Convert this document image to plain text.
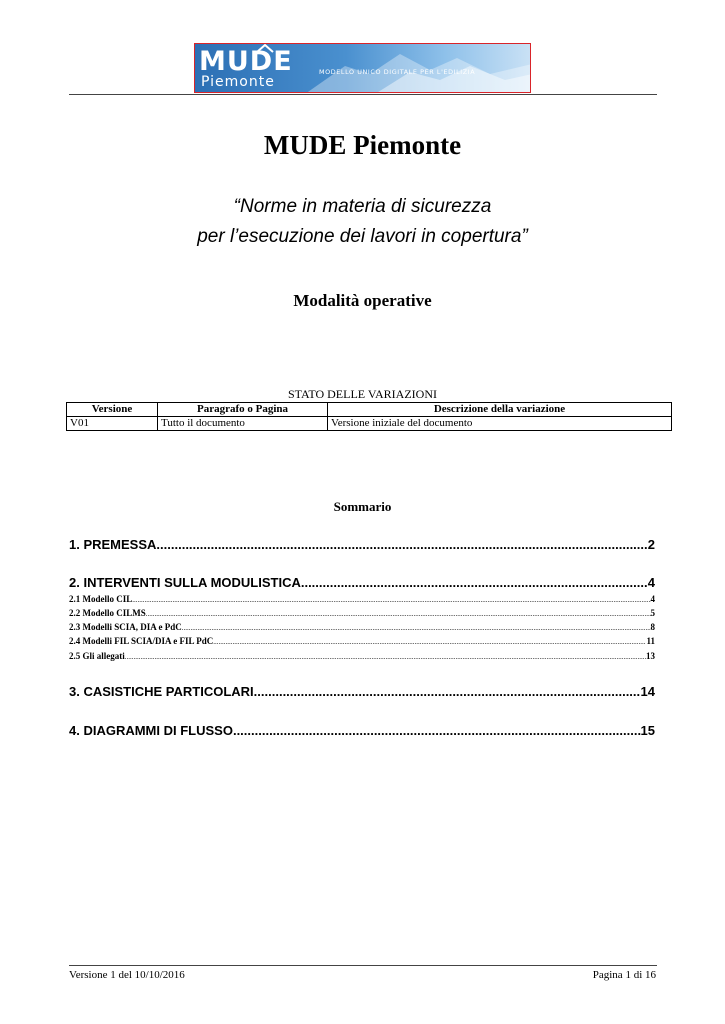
MUDE
Piemonte
MODELLO UNICO DIGITALE PER L'EDILIZIA
MUDE Piemonte
“Norme in materia di sicurezza
per l’esecuzione dei lavori in copertura”
Modalità operative
STATO DELLE VARIAZIONI
Versione	Paragrafo o Pagina	Descrizione della variazione
V01	Tutto il documento	Versione iniziale del documento
Sommario
1. PREMESSA .....	2
2. INTERVENTI SULLA MODULISTICA .....	4
2.1 Modello CIL .....	4
2.2 Modello CILMS .....	5
2.3 Modelli SCIA, DIA e PdC .....	8
2.4 Modelli FIL SCIA/DIA e FIL PdC .....	11
2.5 Gli allegati .....	13
3. CASISTICHE PARTICOLARI .....	14
4. DIAGRAMMI DI FLUSSO .....	15
Versione 1 del 10/10/2016	Pagina 1 di 16
